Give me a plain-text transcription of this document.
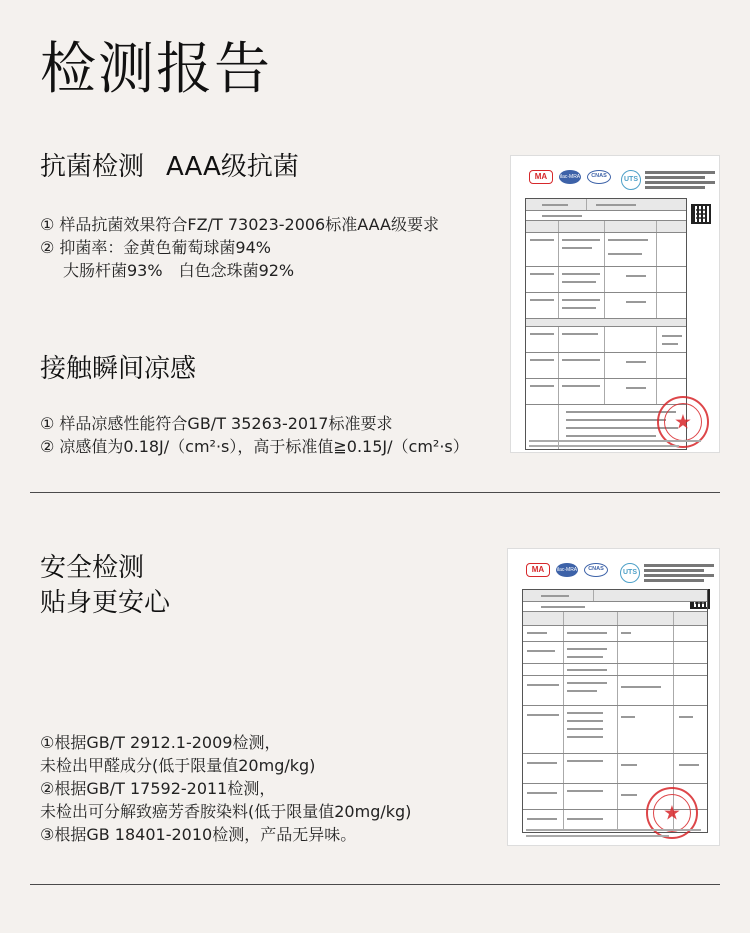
检测报告
抗菌检测 AAA级抗菌
① 样品抗菌效果符合FZ/T 73023-2006标准AAA级要求
② 抑菌率：金黄色葡萄球菌94%
大肠杆菌93%　白色念珠菌92%
接触瞬间凉感
① 样品凉感性能符合GB/T 35263-2017标准要求
② 凉感值为0.18J/（cm²·s），高于标准值≧0.15J/（cm²·s）
MA	ilac-MRA	CNAS	UTS
★
安全检测
贴身更安心
①根据GB/T 2912.1-2009检测，
未检出甲醛成分(低于限量值20mg/kg)
②根据GB/T 17592-2011检测，
未检出可分解致癌芳香胺染料(低于限量值20mg/kg)
③根据GB 18401-2010检测，产品无异味。
MA	ilac-MRA	CNAS	UTS
★
